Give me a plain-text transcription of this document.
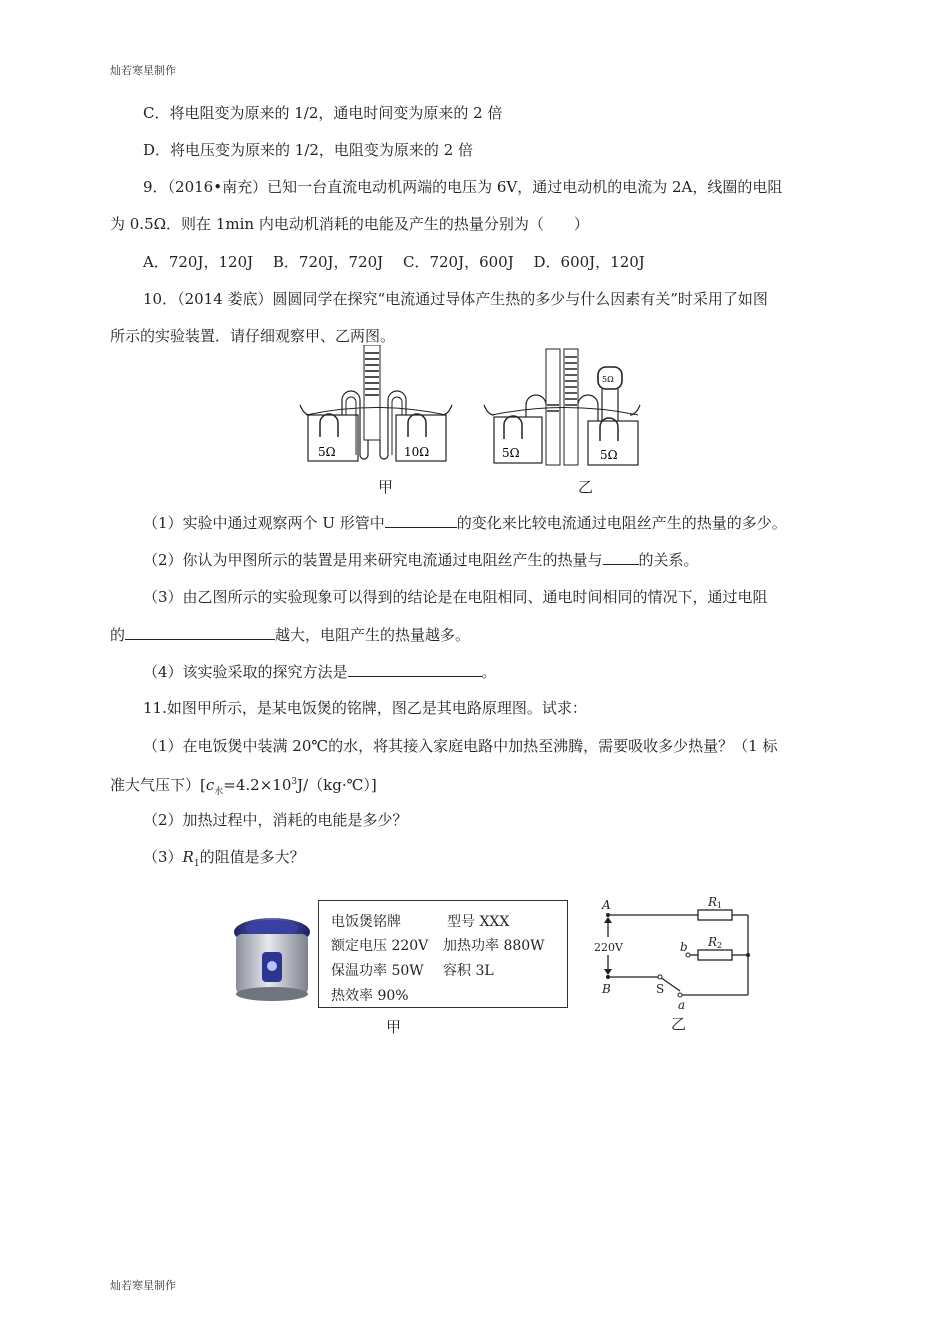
灿若寒星制作
C．将电阻变为原来的 1/2，通电时间变为原来的 2 倍
D．将电压变为原来的 1/2，电阻变为原来的 2 倍
9．（2016•南充）已知一台直流电动机两端的电压为 6V，通过电动机的电流为 2A，线圈的电阻
为 0.5Ω．则在 1min 内电动机消耗的电能及产生的热量分别为（　　）
A．720J，120J　 B．720J，720J　 C．720J，600J　 D．600J，120J
10．（2014 娄底）圆圆同学在探究“电流通过导体产生热的多少与什么因素有关”时采用了如图
所示的实验装置．请仔细观察甲、乙两图。
5Ω	10Ω
甲
5Ω
5Ω	5Ω
乙
（1）实验中通过观察两个 U 形管中	的变化来比较电流通过电阻丝产生的热量的多少。
（2）你认为甲图所示的装置是用来研究电流通过电阻丝产生的热量与 的关系。
（3）由乙图所示的实验现象可以得到的结论是在电阻相同、通电时间相同的情况下，通过电阻
的	越大，电阻产生的热量越多。
（4）该实验采取的探究方法是	。
11.如图甲所示，是某电饭煲的铭牌，图乙是其电路原理图。试求：
（1）在电饭煲中装满 20℃的水，将其接入家庭电路中加热至沸腾，需要吸收多少热量？（1 标
准大气压下）$[c_水=4.2\times 10^3J/(kg\cdot℃)]$
（2）加热过程中，消耗的电能是多少？
$(3)R_1$的阻值是多大？
电饭煲铭牌	型号 XXX
额定电压 220V 加热功率 880W
保温功率 50W 容积 3L
热效率 90%
甲
A
B
220V
R 1
R 2
b
a
S
乙
灿若寒星制作
